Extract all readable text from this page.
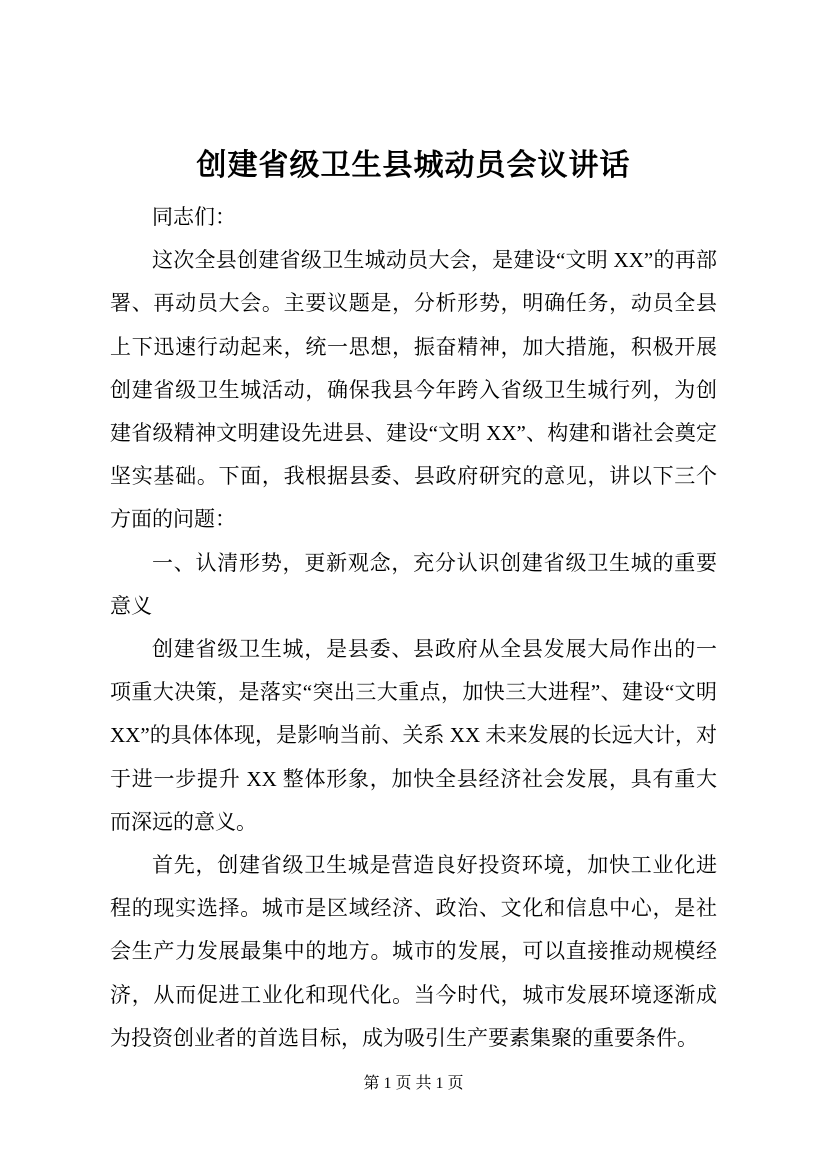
创建省级卫生县城动员会议讲话

同志们：

这次全县创建省级卫生城动员大会，是建设“文明 XX”的再部署、再动员大会。主要议题是，分析形势，明确任务，动员全县上下迅速行动起来，统一思想，振奋精神，加大措施，积极开展创建省级卫生城活动，确保我县今年跨入省级卫生城行列，为创建省级精神文明建设先进县、建设“文明 XX”、构建和谐社会奠定坚实基础。下面，我根据县委、县政府研究的意见，讲以下三个方面的问题：

一、认清形势，更新观念，充分认识创建省级卫生城的重要意义

创建省级卫生城，是县委、县政府从全县发展大局作出的一项重大决策，是落实“突出三大重点，加快三大进程”、建设“文明 XX”的具体体现，是影响当前、关系 XX 未来发展的长远大计，对于进一步提升 XX 整体形象，加快全县经济社会发展，具有重大而深远的意义。

首先，创建省级卫生城是营造良好投资环境，加快工业化进程的现实选择。城市是区域经济、政治、文化和信息中心，是社会生产力发展最集中的地方。城市的发展，可以直接推动规模经济，从而促进工业化和现代化。当今时代，城市发展环境逐渐成为投资创业者的首选目标，成为吸引生产要素集聚的重要条件。

第 1 页 共 1 页
